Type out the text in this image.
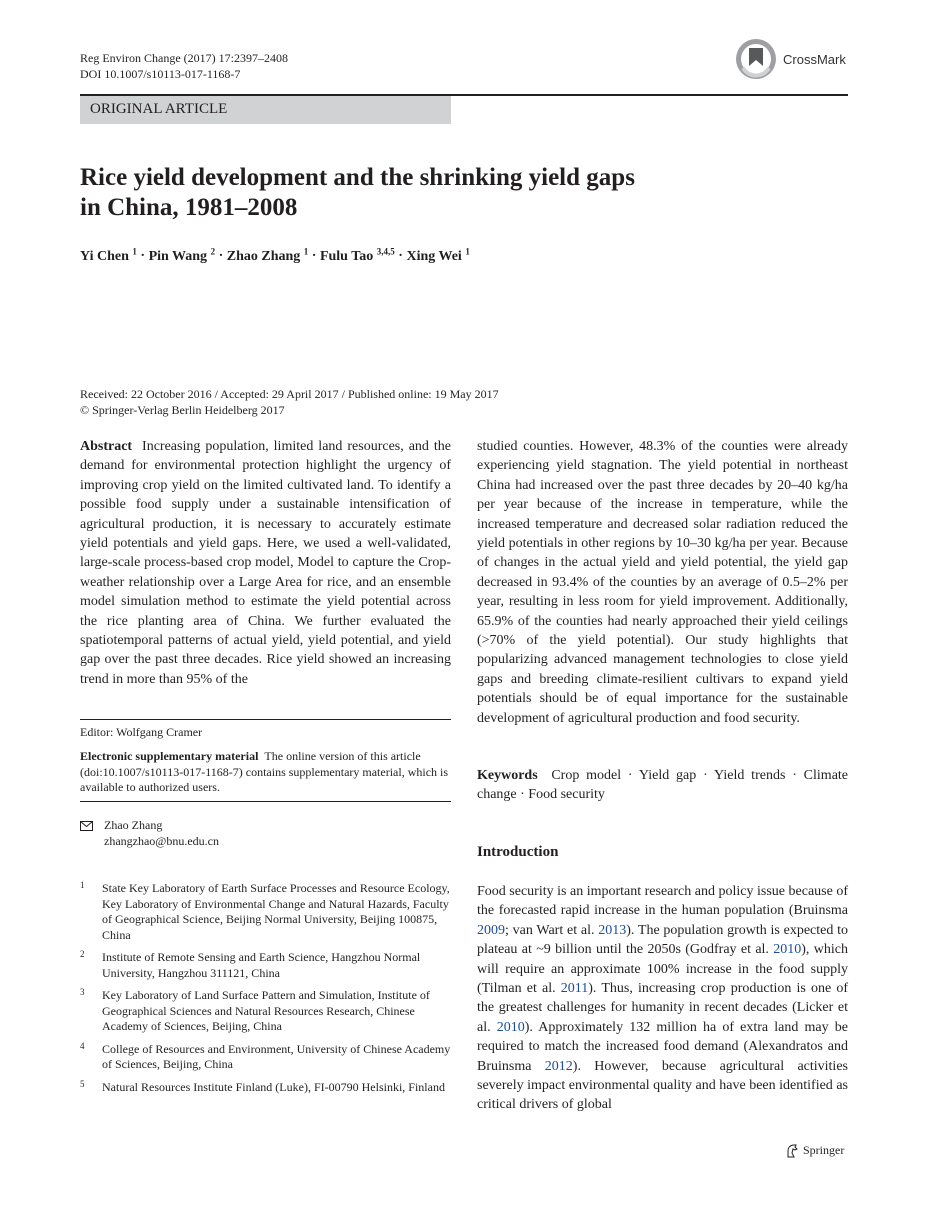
Reg Environ Change (2017) 17:2397–2408
DOI 10.1007/s10113-017-1168-7
CrossMark
ORIGINAL ARTICLE
Rice yield development and the shrinking yield gaps
in China, 1981–2008
Yi Chen $^1$ · Pin Wang $^2$ · Zhao Zhang $^1$ · Fulu Tao $^{3,4,5}$ · Xing Wei $^1$
Received: 22 October 2016 / Accepted: 29 April 2017 / Published online: 19 May 2017
© Springer-Verlag Berlin Heidelberg 2017

Abstract Increasing population, limited land resources, and the demand for environmental protection highlight the urgency of improving crop yield on the limited cultivated land. To identify a possible food supply under a sustainable intensification of agricultural production, it is necessary to accurately estimate yield potentials and yield gaps. Here, we used a well-validated, large-scale process-based crop model, Model to capture the Crop-weather relationship over a Large Area for rice, and an ensemble model simulation method to estimate the yield potential across the rice planting area of China. We further evaluated the spatiotemporal patterns of actual yield, yield potential, and yield gap over the past three decades. Rice yield showed an increasing trend in more than 95% of the

studied counties. However, 48.3% of the counties were already experiencing yield stagnation. The yield potential in northeast China had increased over the past three decades by 20–40 kg/ha per year because of the increase in temperature, while the increased temperature and decreased solar radiation reduced the yield potentials in other regions by 10–30 kg/ha per year. Because of changes in the actual yield and yield potential, the yield gap decreased in 93.4% of the counties by an average of 0.5–2% per year, resulting in less room for yield improvement. Additionally, 65.9% of the counties had nearly approached their yield ceilings (>70% of the yield potential). Our study highlights that popularizing advanced management technologies to close yield gaps and breeding climate-resilient cultivars to expand yield potentials should be of equal importance for the sustainable development of agricultural production and food security.

Editor: Wolfgang Cramer
Electronic supplementary material The online version of this article (doi:10.1007/s10113-017-1168-7) contains supplementary material, which is available to authorized users.
Zhao Zhang
zhangzhao@bnu.edu.cn
1 State Key Laboratory of Earth Surface Processes and Resource Ecology, Key Laboratory of Environmental Change and Natural Hazards, Faculty of Geographical Science, Beijing Normal University, Beijing 100875, China
2 Institute of Remote Sensing and Earth Science, Hangzhou Normal University, Hangzhou 311121, China
3 Key Laboratory of Land Surface Pattern and Simulation, Institute of Geographical Sciences and Natural Resources Research, Chinese Academy of Sciences, Beijing, China
4 College of Resources and Environment, University of Chinese Academy of Sciences, Beijing, China
5 Natural Resources Institute Finland (Luke), FI-00790 Helsinki, Finland
Keywords Crop model · Yield gap · Yield trends · Climate change · Food security
Introduction

Food security is an important research and policy issue because of the forecasted rapid increase in the human population (Bruinsma 2009; van Wart et al. 2013). The population growth is expected to plateau at ~9 billion until the 2050s (Godfray et al. 2010), which will require an approximate 100% increase in the food supply (Tilman et al. 2011). Thus, increasing crop production is one of the greatest challenges for humanity in recent decades (Licker et al. 2010). Approximately 132 million ha of extra land may be required to match the increased food demand (Alexandratos and Bruinsma 2012). However, because agricultural activities severely impact environmental quality and have been identified as critical drivers of global

Springer
